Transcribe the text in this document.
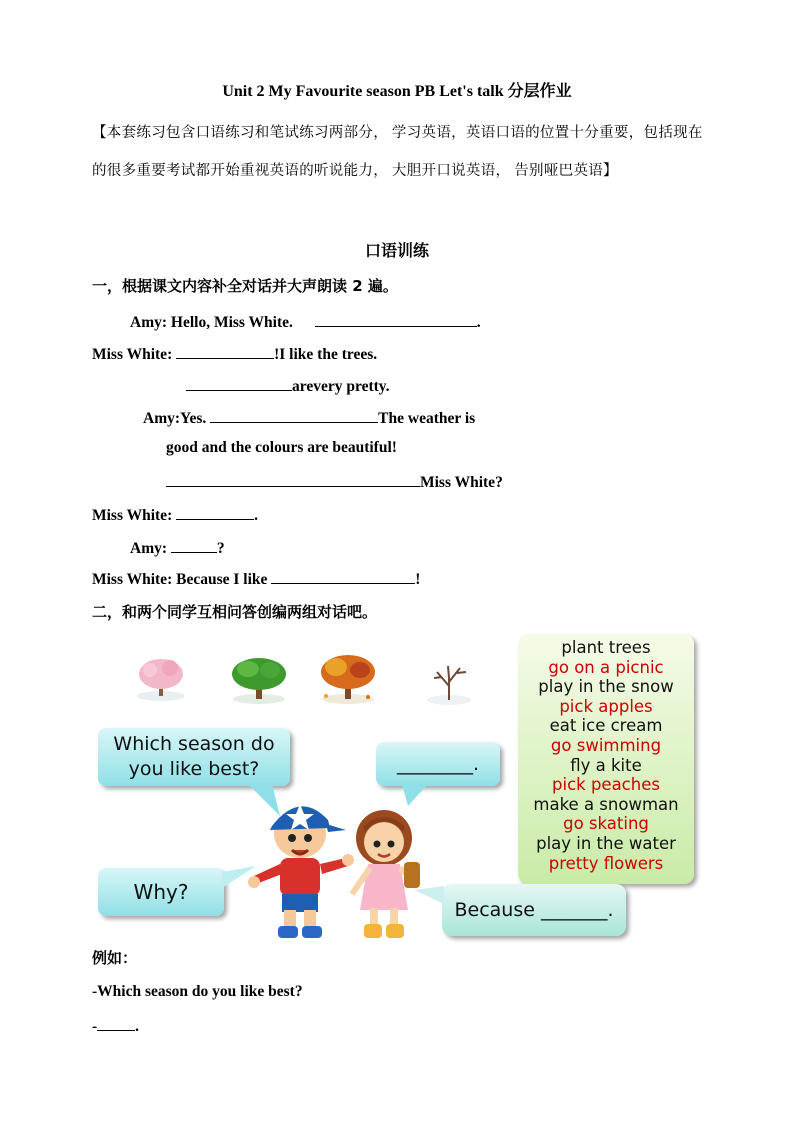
Unit 2 My Favourite season PB Let's talk 分层作业
【本套练习包含口语练习和笔试练习两部分， 学习英语，英语口语的位置十分重要，包括现在的很多重要考试都开始重视英语的听说能力， 大胆开口说英语， 告别哑巴英语】
口语训练
一，根据课文内容补全对话并大声朗读 2 遍。
Amy: Hello, Miss White.	.
Miss White:	!I like the trees.
arevery pretty.
Amy:Yes.	The weather is
good and the colours are beautiful!
Miss White?
Miss White:	.
Amy:	?
Miss White: Because I like	!
二，和两个同学互相问答创编两组对话吧。
plant trees
go on a picnic
play in the snow
pick apples
eat ice cream
go swimming
fly a kite
pick peaches
make a snowman
go skating
play in the water
pretty flowers
Which season do
you like best?	________.
Why?
Because _______.
例如：
-Which season do you like best?
- .
